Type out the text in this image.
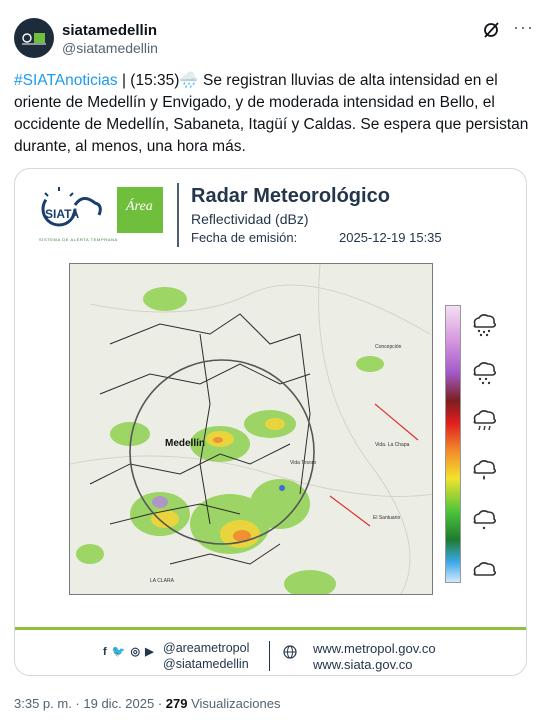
siatamedellin
@siatamedellin
···
#SIATAnoticias | (15:35)🌧️ Se registran lluvias de alta intensidad en el oriente de Medellín y Envigado, y de moderada intensidad en Bello, el occidente de Medellín, Sabaneta, Itagüí y Caldas. Se espera que persistan durante, al menos, una hora más.
SIATA
SISTEMA DE ALERTA TEMPRANA
Área Radar Meteorológico
Reflectividad (dBz)
Fecha de emisión:	2025-12-19 15:35
Medellín
Vida Tesoro
Vida. La Chapa
El Santuario
LA CLARA
Concepción
f 🐦 ◎ ▶ @areametropol
@siatamedellin
www.metropol.gov.co
www.siata.gov.co
3:35 p. m. · 19 dic. 2025 · 279 Visualizaciones
